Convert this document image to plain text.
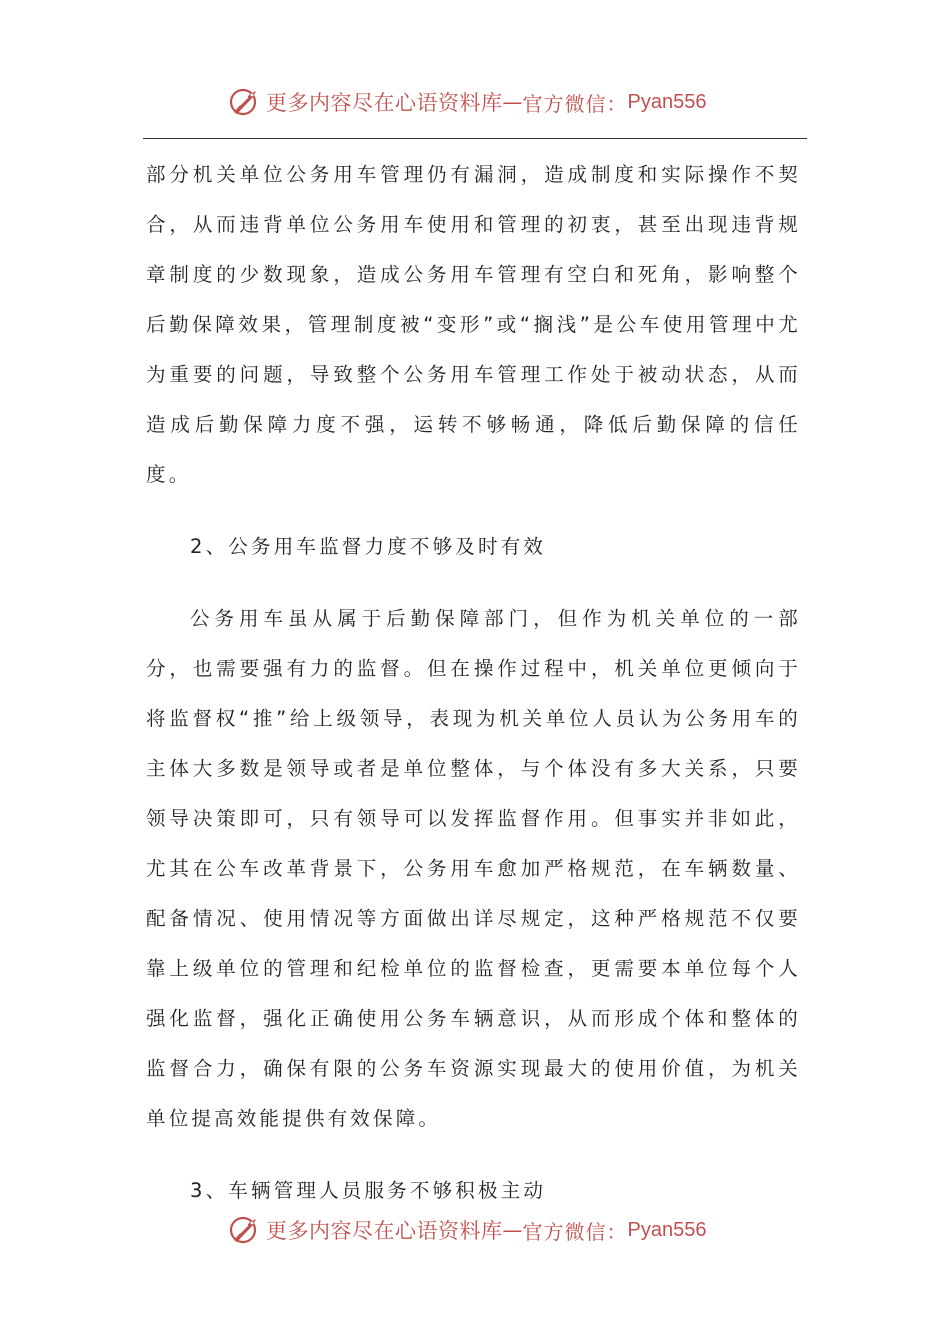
更多内容尽在心语资料库 — 官方微信： Pyan556

部分机关单位公务用车管理仍有漏洞，造成制度和实际操作不契合，从而违背单位公务用车使用和管理的初衷，甚至出现违背规章制度的少数现象，造成公务用车管理有空白和死角，影响整个后勤保障效果，管理制度被“变形”或“搁浅”是公车使用管理中尤为重要的问题，导致整个公务用车管理工作处于被动状态，从而造成后勤保障力度不强，运转不够畅通，降低后勤保障的信任度。

2、公务用车监督力度不够及时有效

公务用车虽从属于后勤保障部门，但作为机关单位的一部分，也需要强有力的监督。但在操作过程中，机关单位更倾向于将监督权“推”给上级领导，表现为机关单位人员认为公务用车的主体大多数是领导或者是单位整体，与个体没有多大关系，只要领导决策即可，只有领导可以发挥监督作用。但事实并非如此，尤其在公车改革背景下，公务用车愈加严格规范，在车辆数量、配备情况、使用情况等方面做出详尽规定，这种严格规范不仅要靠上级单位的管理和纪检单位的监督检查，更需要本单位每个人强化监督，强化正确使用公务车辆意识，从而形成个体和整体的监督合力，确保有限的公务车资源实现最大的使用价值，为机关单位提高效能提供有效保障。

3、车辆管理人员服务不够积极主动

更多内容尽在心语资料库 — 官方微信： Pyan556
